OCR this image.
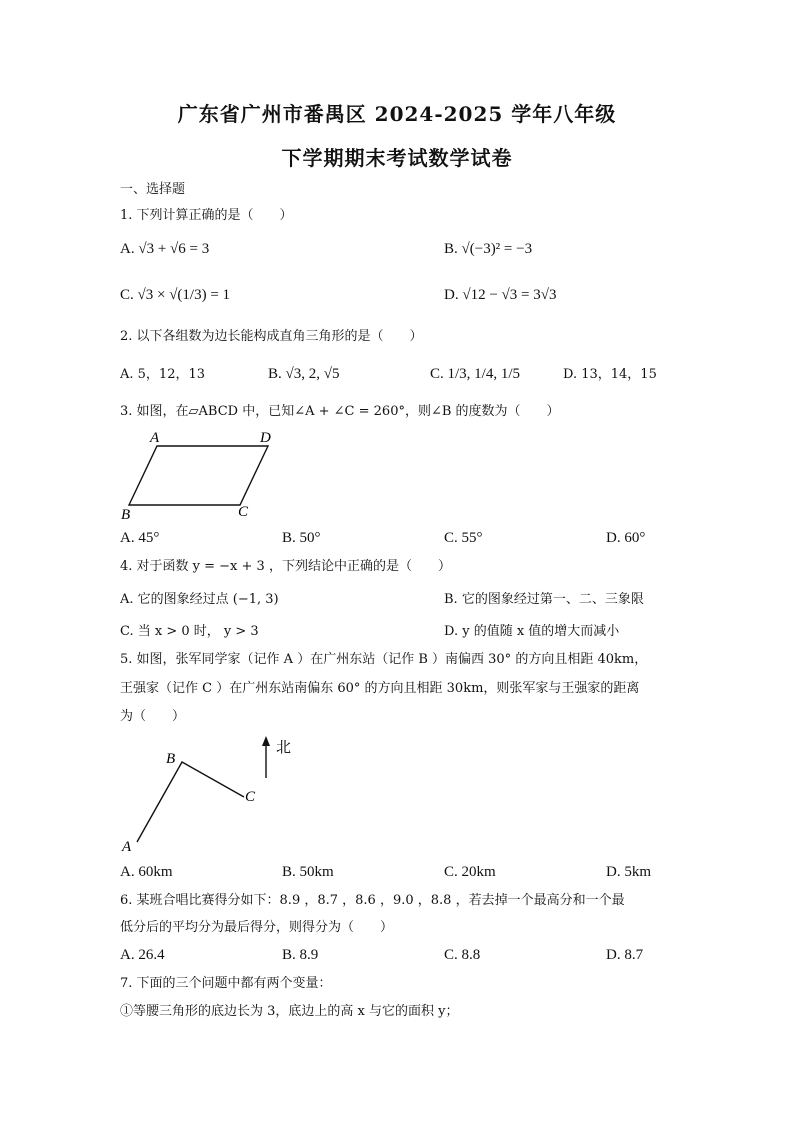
广东省广州市番禺区 2024-2025 学年八年级
下学期期末考试数学试卷
一、选择题
1. 下列计算正确的是（　　）
A. √3 + √6 = 3	B. √(−3)² = −3
C. √3 × √(1/3) = 1	D. √12 − √3 = 3√3
2. 以下各组数为边长能构成直角三角形的是（　　）
A. 5，12，13	B. √3, 2, √5	C. 1/3, 1/4, 1/5	D. 13，14，15
3. 如图，在▱ABCD 中，已知∠A + ∠C = 260°，则∠B 的度数为（　　）
A	D
B	C
A. 45°	B. 50°	C. 55°	D. 60°
4. 对于函数 y = −x + 3 ，下列结论中正确的是（　　）
A. 它的图象经过点 (−1, 3)	B. 它的图象经过第一、二、三象限
C. 当 x > 0 时， y > 3	D. y 的值随 x 值的增大而减小
5. 如图，张军同学家（记作 A ）在广州东站（记作 B ）南偏西 30° 的方向且相距 40km，
王强家（记作 C ）在广州东站南偏东 60° 的方向且相距 30km，则张军家与王强家的距离
为（　　）
北
B
C
A
A. 60km	B. 50km	C. 20km	D. 5km
6. 某班合唱比赛得分如下：8.9 ，8.7 ，8.6 ，9.0 ，8.8 ，若去掉一个最高分和一个最
低分后的平均分为最后得分，则得分为（　　）
A. 26.4	B. 8.9	C. 8.8	D. 8.7
7. 下面的三个问题中都有两个变量：
①等腰三角形的底边长为 3，底边上的高 x 与它的面积 y；
